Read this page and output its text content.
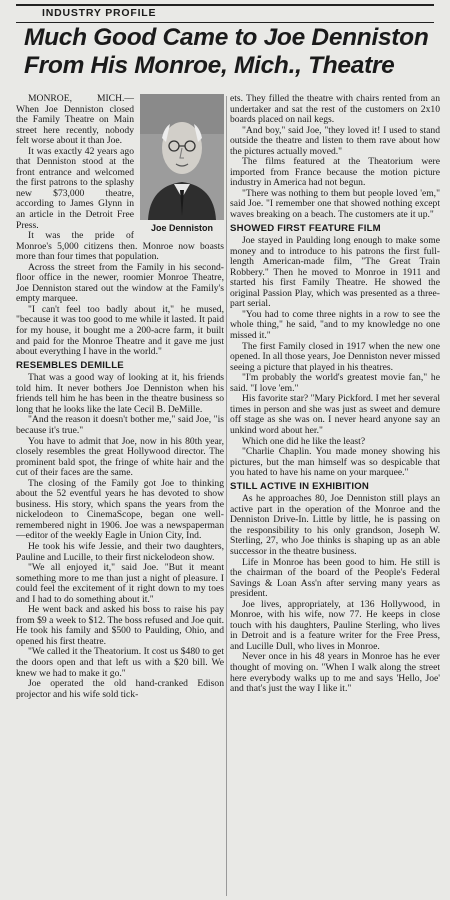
INDUSTRY PROFILE
Much Good Came to Joe Denniston From His Monroe, Mich., Theatre
Joe Denniston

MONROE, MICH.—When Joe Denniston closed the Family Theatre on Main street here recently, nobody felt worse about it than Joe.

It was exactly 42 years ago that Denniston stood at the front entrance and welcomed the first patrons to the splashy new $73,000 theatre, according to James Glynn in an article in the Detroit Free Press.

It was the pride of Monroe's 5,000 citizens then. Monroe now boasts more than four times that population.

Across the street from the Family in his second-floor office in the newer, roomier Monroe Theatre, Joe Denniston stared out the window at the Family's empty marquee.

"I can't feel too badly about it," he mused, "because it was too good to me while it lasted. It paid for my house, it bought me a 200-acre farm, it built and paid for the Monroe Theatre and it gave me just about everything I have in the world."

RESEMBLES DEMILLE

That was a good way of looking at it, his friends told him. It never bothers Joe Denniston when his friends tell him he has been in the theatre business so long that he looks like the late Cecil B. DeMille.

"And the reason it doesn't bother me," said Joe, "is because it's true."

You have to admit that Joe, now in his 80th year, closely resembles the great Hollywood director. The prominent bald spot, the fringe of white hair and the cut of their faces are the same.

The closing of the Family got Joe to thinking about the 52 eventful years he has devoted to show business. His story, which spans the years from the nickelodeon to CinemaScope, began one well-remembered night in 1906. Joe was a newspaperman—editor of the weekly Eagle in Union City, Ind.

He took his wife Jessie, and their two daughters, Pauline and Lucille, to their first nickelodeon show.

"We all enjoyed it," said Joe. "But it meant something more to me than just a night of pleasure. I could feel the excitement of it right down to my toes and I had to do something about it."

He went back and asked his boss to raise his pay from $9 a week to $12. The boss refused and Joe quit. He took his family and $500 to Paulding, Ohio, and opened his first theatre.

"We called it the Theatorium. It cost us $480 to get the doors open and that left us with a $20 bill. We knew we had to make it go."

Joe operated the old hand-cranked Edison projector and his wife sold tick-

ets. They filled the theatre with chairs rented from an undertaker and sat the rest of the customers on 2x10 boards placed on nail kegs.

"And boy," said Joe, "they loved it! I used to stand outside the theatre and listen to them rave about how the pictures actually moved."

The films featured at the Theatorium were imported from France because the motion picture industry in America had not begun.

"There was nothing to them but people loved 'em," said Joe. "I remember one that showed nothing except waves breaking on a beach. The customers ate it up."

SHOWED FIRST FEATURE FILM

Joe stayed in Paulding long enough to make some money and to introduce to his patrons the first full-length American-made film, "The Great Train Robbery." Then he moved to Monroe in 1911 and started his first Family Theatre. He showed the original Passion Play, which was presented as a three-part serial.

"You had to come three nights in a row to see the whole thing," he said, "and to my knowledge no one missed it."

The first Family closed in 1917 when the new one opened. In all those years, Joe Denniston never missed seeing a picture that played in his theatres.

"I'm probably the world's greatest movie fan," he said. "I love 'em."

His favorite star? "Mary Pickford. I met her several times in person and she was just as sweet and demure off stage as she was on. I never heard anyone say an unkind word about her."

Which one did he like the least?

"Charlie Chaplin. You made money showing his pictures, but the man himself was so despicable that you hated to have his name on your marquee."

STILL ACTIVE IN EXHIBITION

As he approaches 80, Joe Denniston still plays an active part in the operation of the Monroe and the Denniston Drive-In. Little by little, he is passing on the responsibility to his only grandson, Joseph W. Sterling, 27, who Joe thinks is shaping up as an able successor in the theatre business.

Life in Monroe has been good to him. He still is the chairman of the board of the People's Federal Savings & Loan Ass'n after serving many years as president.

Joe lives, appropriately, at 136 Hollywood, in Monroe, with his wife, now 77. He keeps in close touch with his daughters, Pauline Sterling, who lives in Detroit and is a feature writer for the Free Press, and Lucille Dull, who lives in Monroe.

Never once in his 48 years in Monroe has he ever thought of moving on. "When I walk along the street here everybody walks up to me and says 'Hello, Joe' and that's just the way I like it."
